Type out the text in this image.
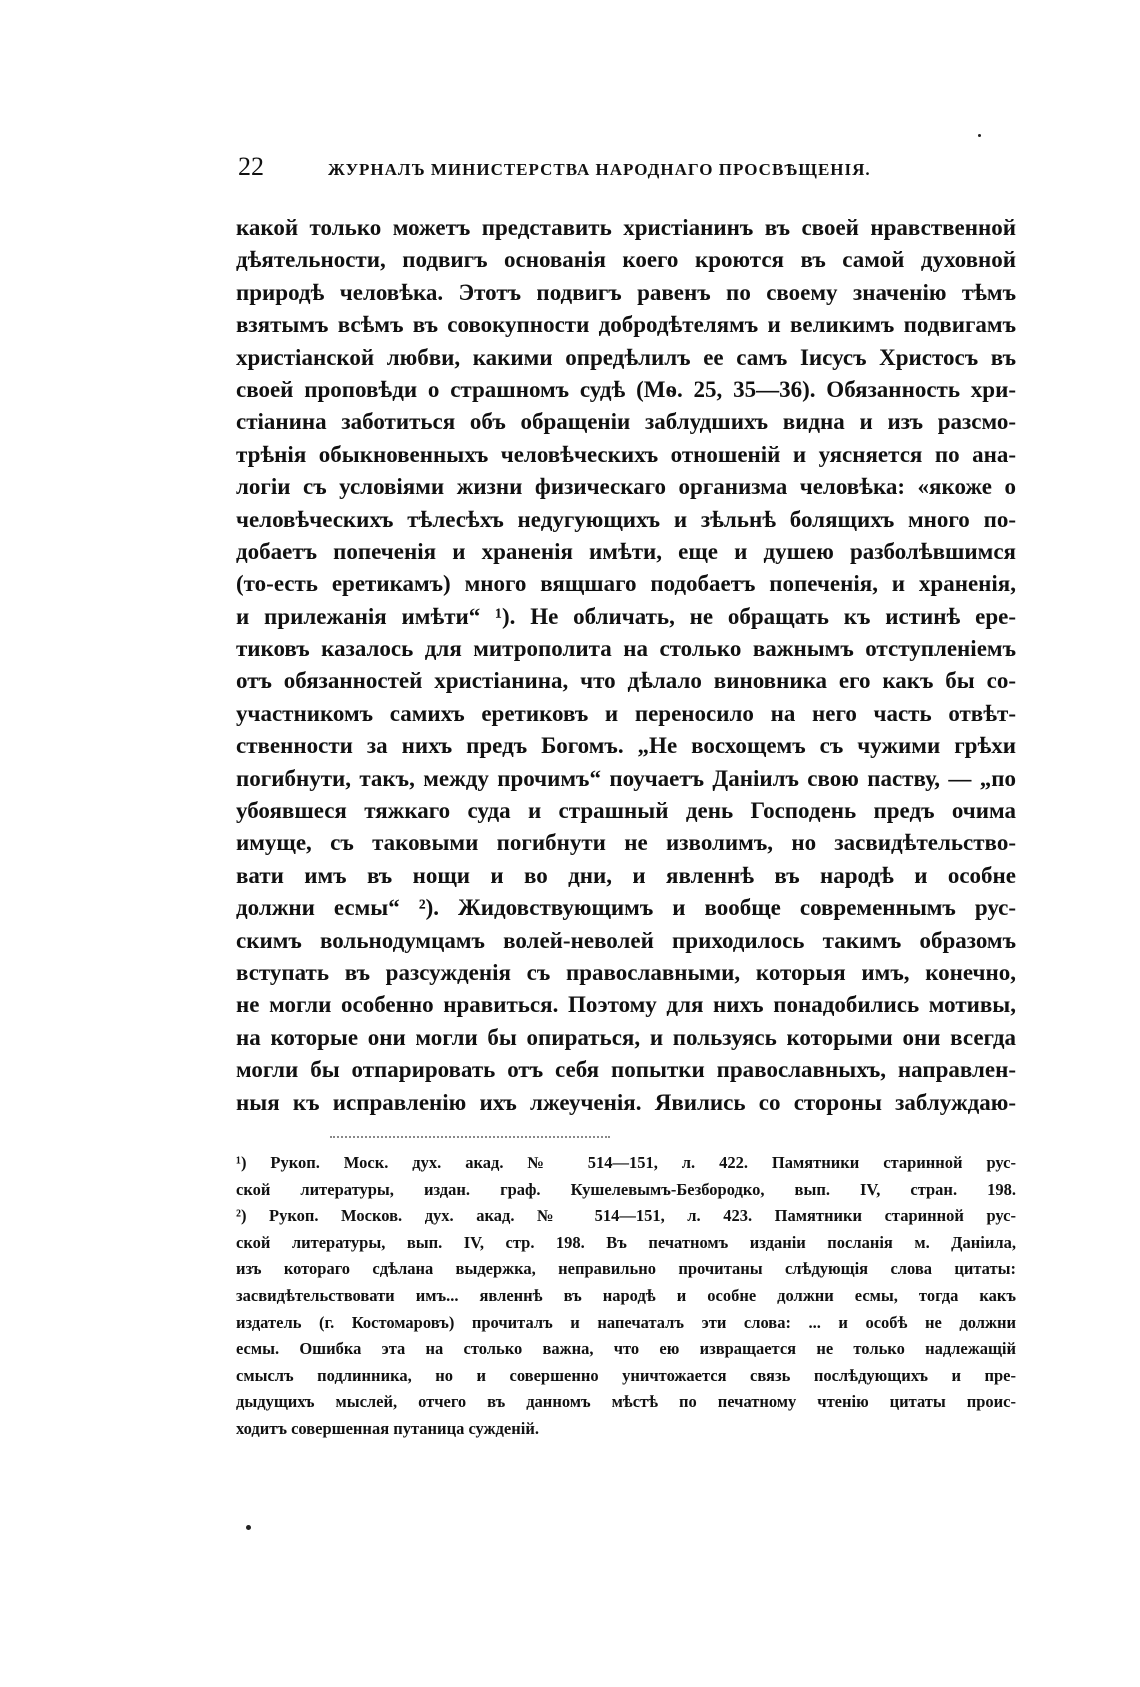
22	ЖУРНАЛЪ МИНИСТЕРСТВА НАРОДНАГО ПРОСВѢЩЕНІЯ.
какой только можетъ представить христіанинъ въ своей нравственной
дѣятельности, подвигъ основанія коего кроются въ самой духовной
природѣ человѣка. Этотъ подвигъ равенъ по своему значенію тѣмъ
взятымъ всѣмъ въ совокупности добродѣтелямъ и великимъ подвигамъ
христіанской любви, какими опредѣлилъ ее самъ Іисусъ Христосъ въ
своей проповѣди о страшномъ судѣ (Мѳ. 25, 35—36). Обязанность хри-
стіанина заботиться объ обращеніи заблудшихъ видна и изъ разсмо-
трѣнія обыкновенныхъ человѣческихъ отношеній и уясняется по ана-
логіи съ условіями жизни физическаго организма человѣка: «якоже о
человѣческихъ тѣлесѣхъ недугующихъ и зѣльнѣ болящихъ много по-
добаетъ попеченія и храненія имѣти, еще и душею разболѣвшимся
(то-есть еретикамъ) много вящшаго подобаетъ попеченія, и храненія,
и прилежанія имѣти“ ¹). Не обличать, не обращать къ истинѣ ере-
тиковъ казалось для митрополита на столько важнымъ отступленіемъ
отъ обязанностей христіанина, что дѣлало виновника его какъ бы со-
участникомъ самихъ еретиковъ и переносило на него часть отвѣт-
ственности за нихъ предъ Богомъ. „Не восхощемъ съ чужими грѣхи
погибнути, такъ, между прочимъ“ поучаетъ Даніилъ свою паству, — „по
убоявшеся тяжкаго суда и страшный день Господень предъ очима
имуще, съ таковыми погибнути не изволимъ, но засвидѣтельство-
вати имъ въ нощи и во дни, и явленнѣ въ народѣ и особне
должни есмы“ ²). Жидовствующимъ и вообще современнымъ рус-
скимъ вольнодумцамъ волей-неволей приходилось такимъ образомъ
вступать въ разсужденія съ православными, которыя имъ, конечно,
не могли особенно нравиться. Поэтому для нихъ понадобились мотивы,
на которые они могли бы опираться, и пользуясь которыми они всегда
могли бы отпарировать отъ себя попытки православныхъ, направлен-
ныя къ исправленію ихъ лжеученія. Явились со стороны заблуждаю-
¹) Рукоп. Моск. дух. акад. № 514—151, л. 422. Памятники старинной рус-
ской литературы, издан. граф. Кушелевымъ-Безбородко, вып. IV, стран. 198.
²) Рукоп. Москов. дух. акад. № 514—151, л. 423. Памятники старинной рус-
ской литературы, вып. IV, стр. 198. Въ печатномъ изданіи посланія м. Даніила,
изъ котораго сдѣлана выдержка, неправильно прочитаны слѣдующія слова цитаты:
засвидѣтельствовати имъ... явленнѣ въ народѣ и особне должни есмы, тогда какъ
издатель (г. Костомаровъ) прочиталъ и напечаталъ эти слова: ... и особѣ не должни
есмы. Ошибка эта на столько важна, что ею извращается не только надлежащій
смыслъ подлинника, но и совершенно уничтожается связь послѣдующихъ и пре-
дыдущихъ мыслей, отчего въ данномъ мѣстѣ по печатному чтенію цитаты проис-
ходитъ совершенная путаница сужденій.
